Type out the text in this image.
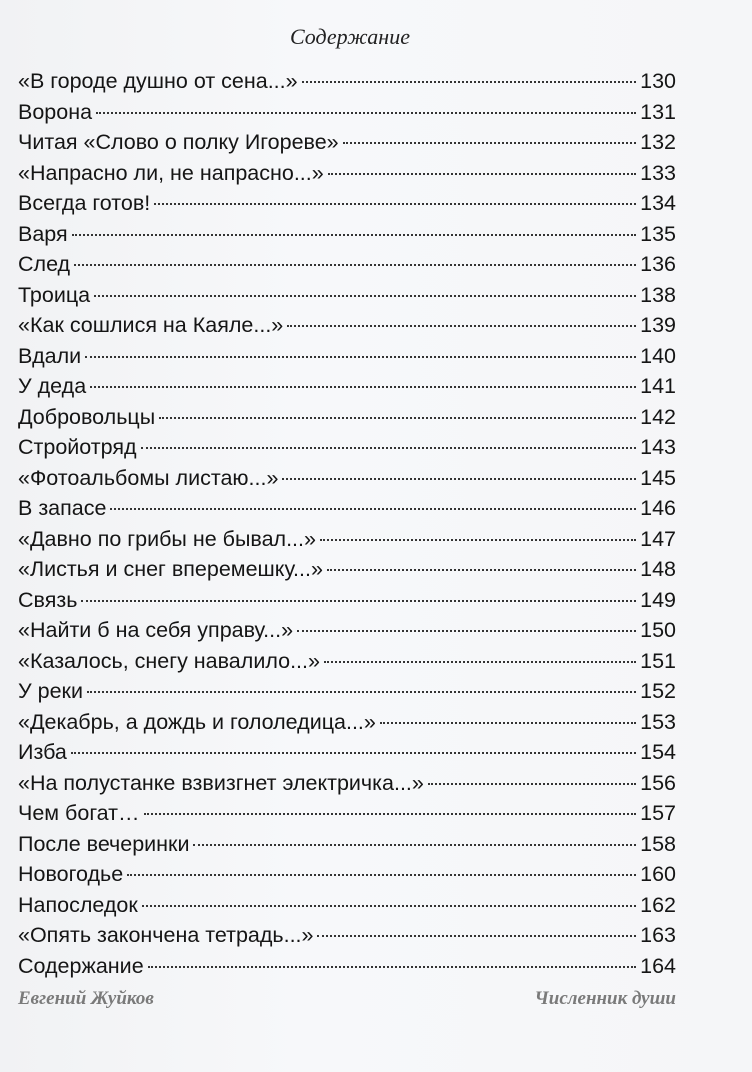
Содержание
«В городе душно от сена...»	130
Ворона	131
Читая «Слово о полку Игореве»	132
«Напрасно ли, не напрасно...»	133
Всегда готов!	134
Варя	135
След	136
Троица	138
«Как сошлися на Каяле...»	139
Вдали	140
У деда	141
Добровольцы	142
Стройотряд	143
«Фотоальбомы листаю...»	145
В запасе	146
«Давно по грибы не бывал...»	147
«Листья и снег вперемешку...»	148
Связь	149
«Найти б на себя управу...»	150
«Казалось, снегу навалило...»	151
У реки	152
«Декабрь, а дождь и гололедица...»	153
Изба	154
«На полустанке взвизгнет электричка...»	156
Чем богат…	157
После вечеринки	158
Новогодье	160
Напоследок	162
«Опять закончена тетрадь...»	163
Содержание	164
Евгений Жуйков	Численник души
